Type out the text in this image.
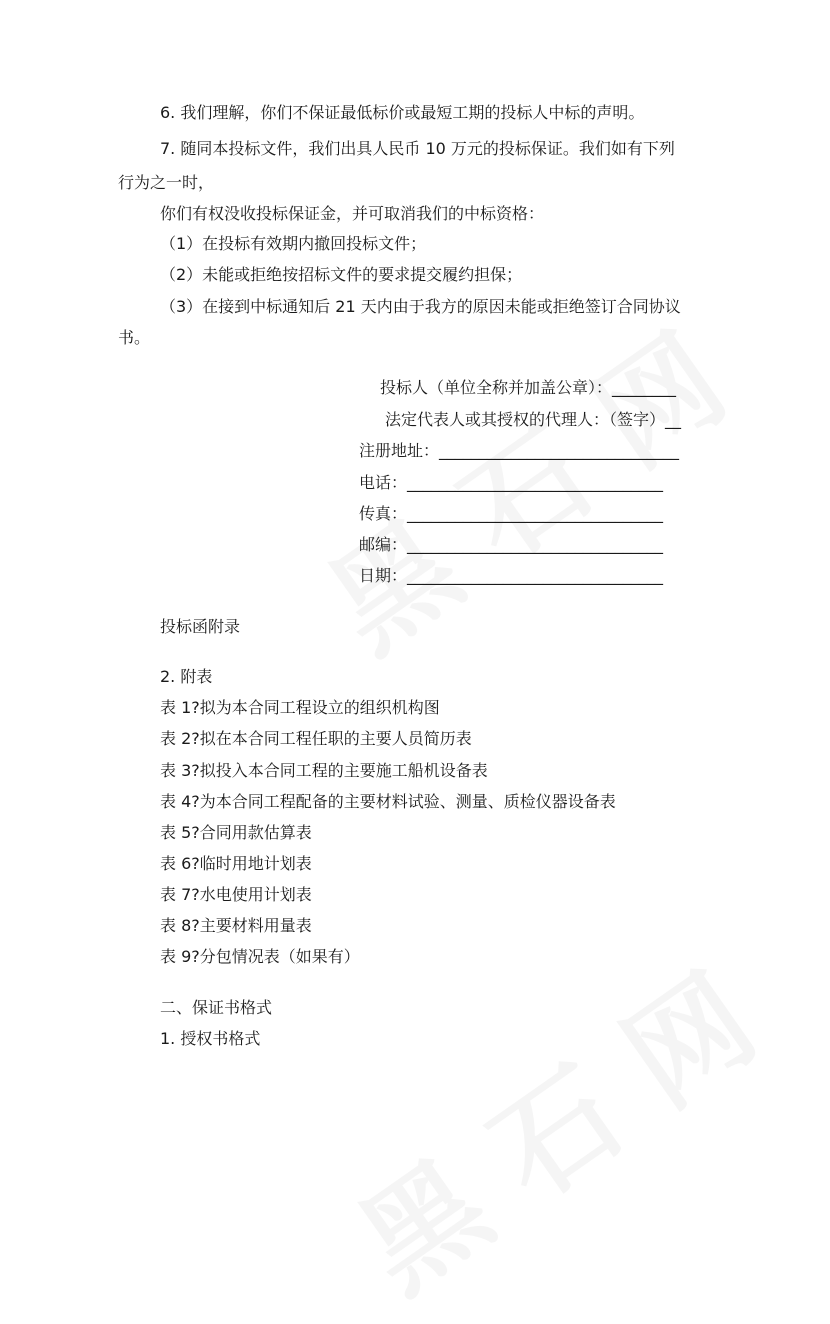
6. 我们理解，你们不保证最低标价或最短工期的投标人中标的声明。
7. 随同本投标文件，我们出具人民币 10 万元的投标保证。我们如有下列
行为之一时，
你们有权没收投标保证金，并可取消我们的中标资格：
（1）在投标有效期内撤回投标文件；
（2）未能或拒绝按招标文件的要求提交履约担保；
（3）在接到中标通知后 21 天内由于我方的原因未能或拒绝签订合同协议
书。
投标人（单位全称并加盖公章）：________
法定代表人或其授权的代理人：（签字）__
注册地址：______________________________
电话：________________________________
传真：________________________________
邮编：________________________________
日期：________________________________
投标函附录
2. 附表
表 1?拟为本合同工程设立的组织机构图
表 2?拟在本合同工程任职的主要人员简历表
表 3?拟投入本合同工程的主要施工船机设备表
表 4?为本合同工程配备的主要材料试验、测量、质检仪器设备表
表 5?合同用款估算表
表 6?临时用地计划表
表 7?水电使用计划表
表 8?主要材料用量表
表 9?分包情况表（如果有）
二、保证书格式
1. 授权书格式
